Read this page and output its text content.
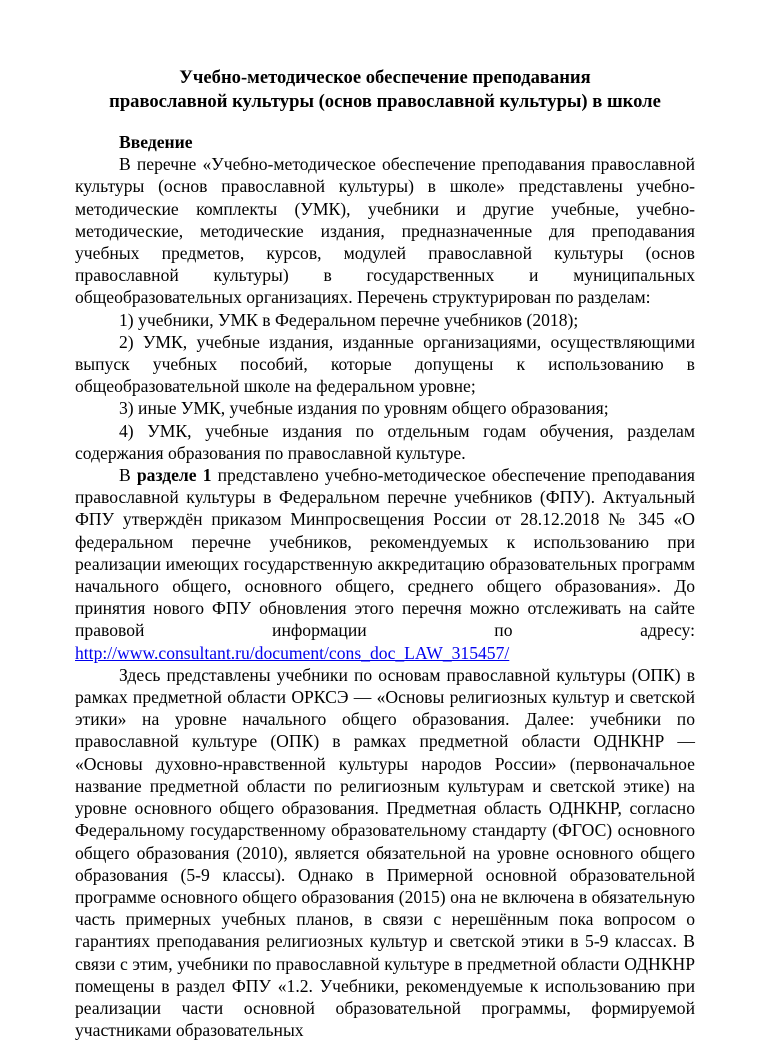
Учебно-методическое обеспечение преподавания
православной культуры (основ православной культуры) в школе
Введение

В перечне «Учебно-методическое обеспечение преподавания православной культуры (основ православной культуры) в школе» представлены учебно-методические комплекты (УМК), учебники и другие учебные, учебно-методические, методические издания, предназначенные для преподавания учебных предметов, курсов, модулей православной культуры (основ православной культуры) в государственных и муниципальных общеобразовательных организациях. Перечень структурирован по разделам:

1) учебники, УМК в Федеральном перечне учебников (2018);

2) УМК, учебные издания, изданные организациями, осуществляющими выпуск учебных пособий, которые допущены к использованию в общеобразовательной школе на федеральном уровне;

3) иные УМК, учебные издания по уровням общего образования;

4) УМК, учебные издания по отдельным годам обучения, разделам содержания образования по православной культуре.

В разделе 1 представлено учебно-методическое обеспечение преподавания православной культуры в Федеральном перечне учебников (ФПУ). Актуальный ФПУ утверждён приказом Минпросвещения России от 28.12.2018 № 345 «О федеральном перечне учебников, рекомендуемых к использованию при реализации имеющих государственную аккредитацию образовательных программ начального общего, основного общего, среднего общего образования». До принятия нового ФПУ обновления этого перечня можно отслеживать на сайте правовой информации по адресу: http://www.consultant.ru/document/cons_doc_LAW_315457/

Здесь представлены учебники по основам православной культуры (ОПК) в рамках предметной области ОРКСЭ — «Основы религиозных культур и светской этики» на уровне начального общего образования. Далее: учебники по православной культуре (ОПК) в рамках предметной области ОДНКНР — «Основы духовно-нравственной культуры народов России» (первоначальное название предметной области по религиозным культурам и светской этике) на уровне основного общего образования. Предметная область ОДНКНР, согласно Федеральному государственному образовательному стандарту (ФГОС) основного общего образования (2010), является обязательной на уровне основного общего образования (5-9 классы). Однако в Примерной основной образовательной программе основного общего образования (2015) она не включена в обязательную часть примерных учебных планов, в связи с нерешённым пока вопросом о гарантиях преподавания религиозных культур и светской этики в 5-9 классах. В связи с этим, учебники по православной культуре в предметной области ОДНКНР помещены в раздел ФПУ «1.2. Учебники, рекомендуемые к использованию при реализации части основной образовательной программы, формируемой участниками образовательных
